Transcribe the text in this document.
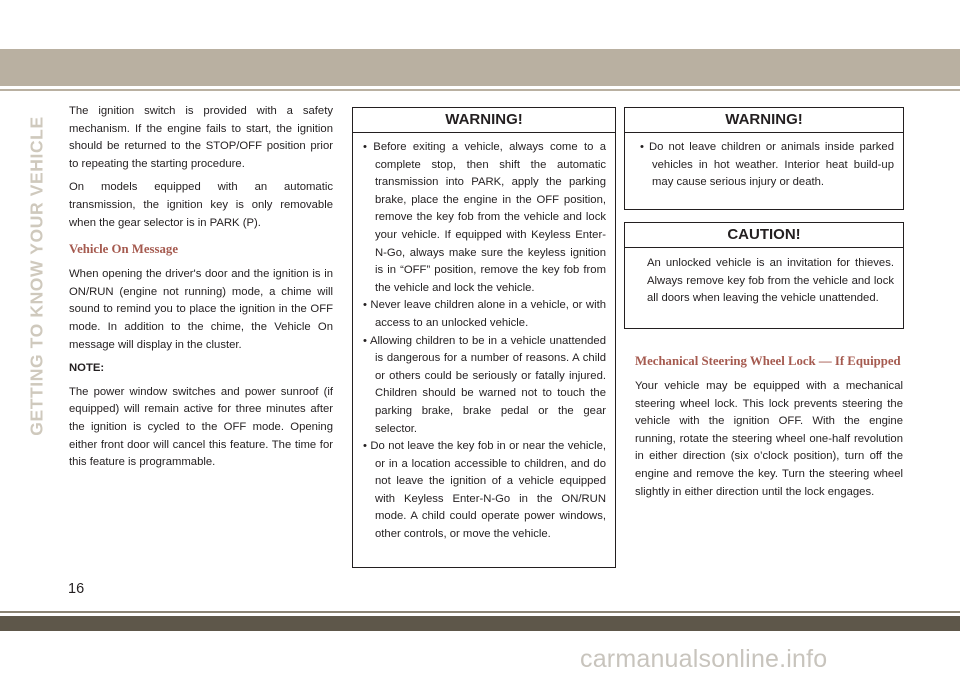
GETTING TO KNOW YOUR VEHICLE

The ignition switch is provided with a safety mechanism. If the engine fails to start, the ignition should be returned to the STOP/OFF position prior to repeating the starting procedure.

On models equipped with an automatic transmission, the ignition key is only removable when the gear selector is in PARK (P).

Vehicle On Message

When opening the driver's door and the ignition is in ON/RUN (engine not running) mode, a chime will sound to remind you to place the ignition in the OFF mode. In addition to the chime, the Vehicle On message will display in the cluster.

NOTE:

The power window switches and power sunroof (if equipped) will remain active for three minutes after the ignition is cycled to the OFF mode. Opening either front door will cancel this feature. The time for this feature is programmable.

WARNING!
• Before exiting a vehicle, always come to a complete stop, then shift the automatic transmission into PARK, apply the parking brake, place the engine in the OFF position, remove the key fob from the vehicle and lock your vehicle. If equipped with Keyless Enter-N-Go, always make sure the keyless ignition is in “OFF” position, remove the key fob from the vehicle and lock the vehicle.
• Never leave children alone in a vehicle, or with access to an unlocked vehicle.
• Allowing children to be in a vehicle unattended is dangerous for a number of reasons. A child or others could be seriously or fatally injured. Children should be warned not to touch the parking brake, brake pedal or the gear selector.
• Do not leave the key fob in or near the vehicle, or in a location accessible to children, and do not leave the ignition of a vehicle equipped with Keyless Enter-N-Go in the ON/RUN mode. A child could operate power windows, other controls, or move the vehicle.
WARNING!
• Do not leave children or animals inside parked vehicles in hot weather. Interior heat build-up may cause serious injury or death.
CAUTION!
An unlocked vehicle is an invitation for thieves. Always remove key fob from the vehicle and lock all doors when leaving the vehicle unattended.
Mechanical Steering Wheel Lock — If Equipped

Your vehicle may be equipped with a mechanical steering wheel lock. This lock prevents steering the vehicle with the ignition OFF. With the engine running, rotate the steering wheel one-half revolution in either direction (six o’clock position), turn off the engine and remove the key. Turn the steering wheel slightly in either direction until the lock engages.

16
carmanualsonline.info
